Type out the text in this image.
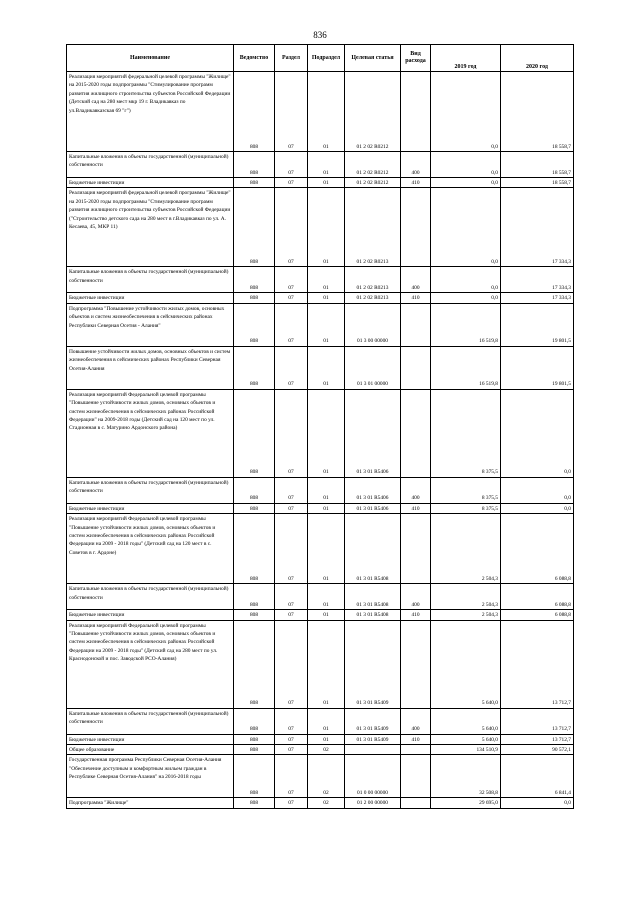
836
Наименование	Ведомство	Раздел	Подраздел	Целевая статья	Вид расхода	2019 год	2020 год
Реализация мероприятий федеральной целевой программы "Жилище" на 2015-2020 годы подпрограммы "Стимулирование программ развития жилищного строительства субъектов Российской Федерации (Детский сад на 280 мест мкр 19 г. Владикавказ по ул.Владикавказская 69 "г")	808	07	01	01 2 02 R0212		0,0	18 558,7
Капитальные вложения в объекты государственной (муниципальной) собственности	808	07	01	01 2 02 R0212	400	0,0	18 558,7
Бюджетные инвестиции	808	07	01	01 2 02 R0212	410	0,0	18 558,7
Реализация мероприятий федеральной целевой программы "Жилище" на 2015-2020 годы подпрограммы "Стимулирование программ развития жилищного строительства субъектов Российской Федерации ("Строительство детского сада на 280 мест в г.Владикавказ по ул. А. Кесаева, 45, МКР 11)	808	07	01	01 2 02 R0213		0,0	17 334,3
Капитальные вложения в объекты государственной (муниципальной) собственности	808	07	01	01 2 02 R0213	400	0,0	17 334,3
Бюджетные инвестиции	808	07	01	01 2 02 R0213	410	0,0	17 334,3
Подпрограмма "Повышение устойчивости жилых домов, основных объектов и систем жизнеобеспечения в сейсмических районах Республики Северная Осетия - Алания"	808	07	01	01 3 00 00000		16 519,8	19 801,5
Повышение устойчивости жилых домов, основных объектов и систем жизнеобеспечения в сейсмических районах Республики Северная Осетия-Алания	808	07	01	01 3 01 00000		16 519,8	19 801,5
Реализация мероприятий Федеральной целевой программы "Повышение устойчивости жилых домов, основных объектов и систем жизнеобеспечения в сейсмических районах Российской Федерации" на 2009-2018 годы (Детский сад на 120 мест по ул. Стадионная в с. Матурино Ардонского района)	808	07	01	01 3 01 R5406		8 375,5	0,0
Капитальные вложения в объекты государственной (муниципальной) собственности	808	07	01	01 3 01 R5406	400	8 375,5	0,0
Бюджетные инвестиции	808	07	01	01 3 01 R5406	410	8 375,5	0,0
Реализация мероприятий Федеральной целевой программы "Повышение устойчивости жилых домов, основных объектов и систем жизнеобеспечения в сейсмических районах Российской Федерации на 2009 - 2018 годы" (Детский сад на 120 мест в с. Советов в г. Ардоне)	808	07	01	01 3 01 R5408		2 504,3	6 088,8
Капитальные вложения в объекты государственной (муниципальной) собственности	808	07	01	01 3 01 R5408	400	2 504,3	6 088,8
Бюджетные инвестиции	808	07	01	01 3 01 R5408	410	2 504,3	6 088,8
Реализация мероприятий Федеральной целевой программы "Повышение устойчивости жилых домов, основных объектов и систем жизнеобеспечения в сейсмических районах Российской Федерации на 2009 - 2018 годы" (Детский сад на 280 мест по ул. Краснодонской и пос. Заводской РСО-Алания)	808	07	01	01 3 01 R5409		5 640,0	13 712,7
Капитальные вложения в объекты государственной (муниципальной) собственности	808	07	01	01 3 01 R5409	400	5 640,0	13 712,7
Бюджетные инвестиции	808	07	01	01 3 01 R5409	410	5 640,0	13 712,7
Общее образование	808	07	02			134 510,9	90 572,1
Государственная программа Республики Северная Осетия-Алания "Обеспечение доступным и комфортным жильем граждан в Республике Северная Осетия-Алания" на 2016-2018 годы	808	07	02	01 0 00 00000		32 508,8	6 841,4
Подпрограмма "Жилище"	808	07	02	01 2 00 00000		29 695,0	0,0
